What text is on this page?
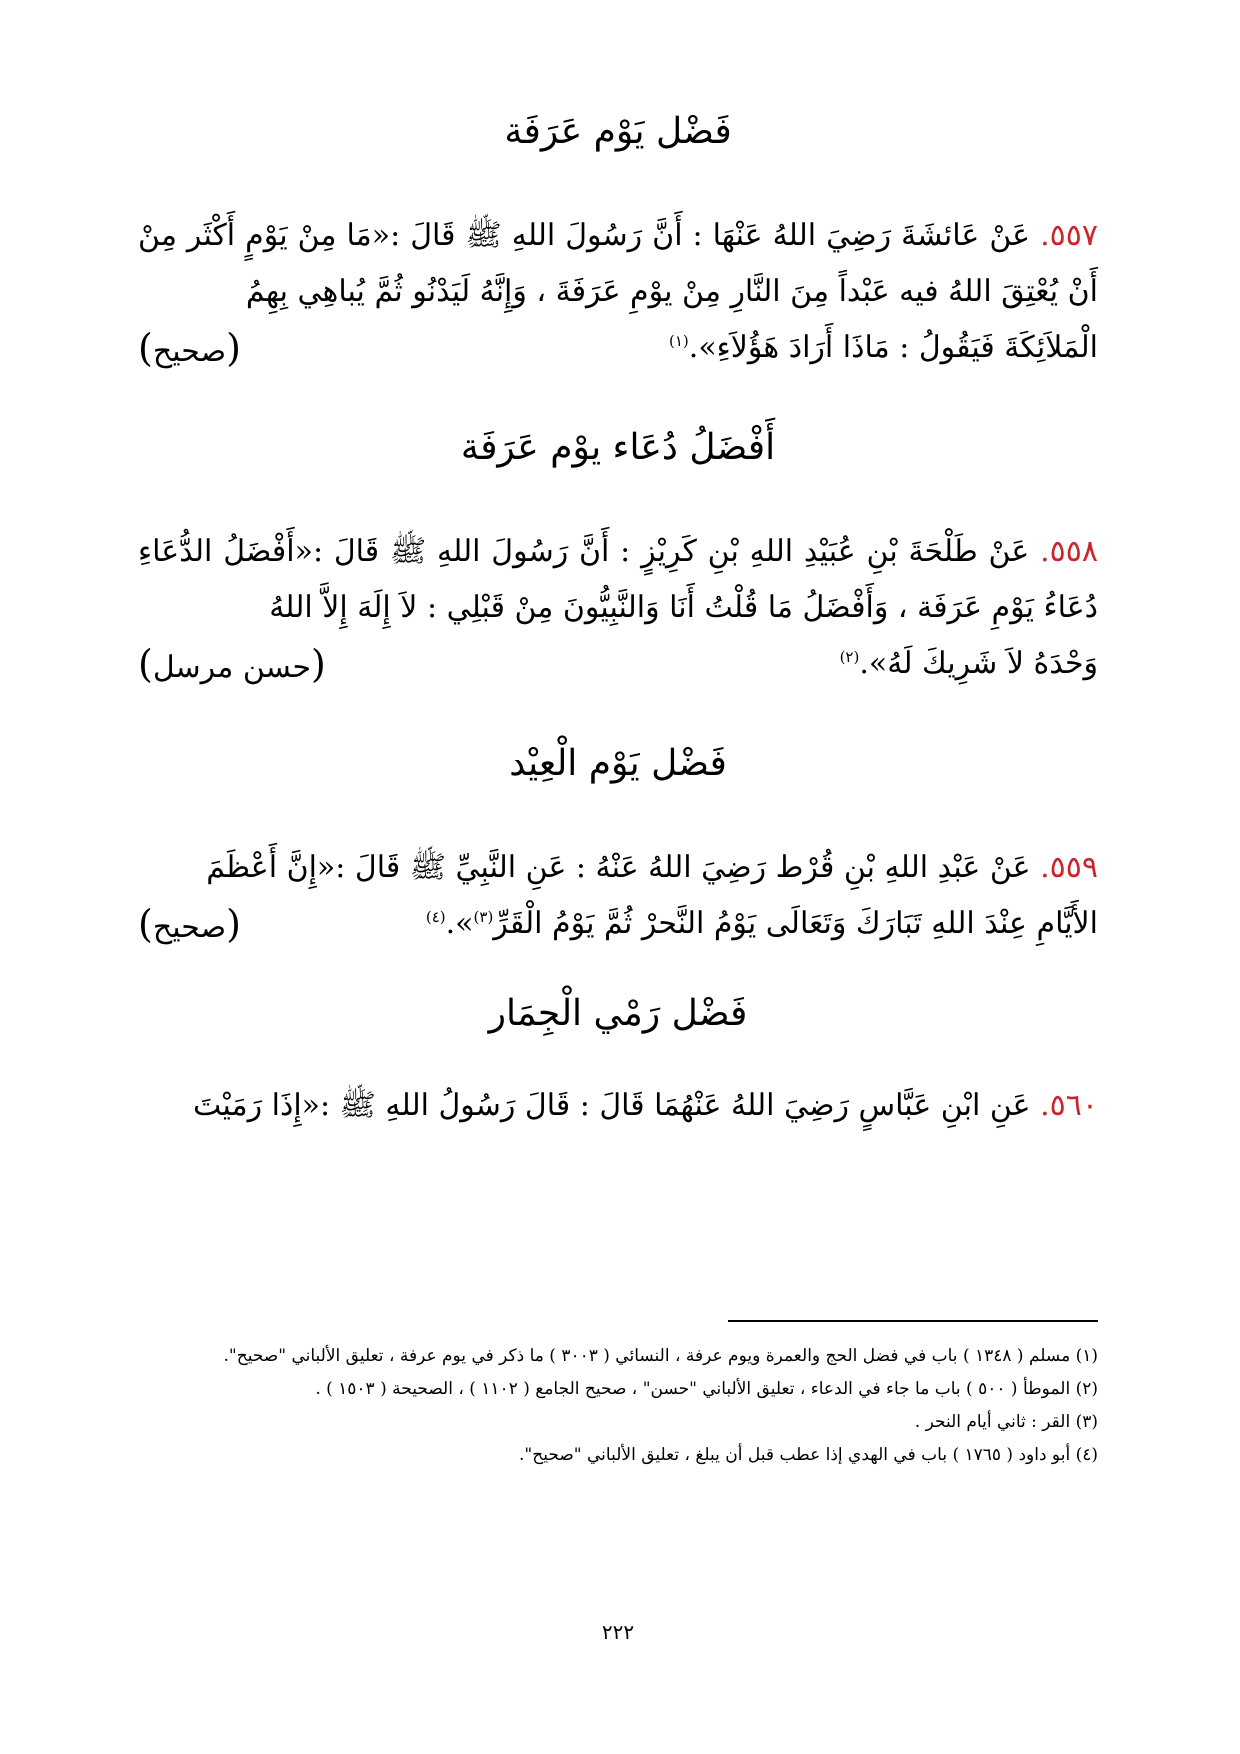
فَضْل يَوْم عَرَفَة

٥٥٧. عَنْ عَائشَةَ رَضِيَ اللهُ عَنْهَا : أَنَّ رَسُولَ اللهِ ﷺ قَالَ :«مَا مِنْ يَوْمٍ أَكْثَر مِنْ أَنْ يُعْتِقَ اللهُ فيه عَبْداً مِنَ النَّارِ مِنْ يوْمِ عَرَفَةَ ، وَإِنَّهُ لَيَدْنُو ثُمَّ يُباهِي بِهِمُ

الْمَلاَئِكَةَ فَيَقُولُ : مَاذَا أَرَادَ هَؤُلاَءِ».$^{(١)}$
(صحيح)
أَفْضَلُ دُعَاء يوْم عَرَفَة

٥٥٨. عَنْ طَلْحَةَ بْنِ عُبَيْدِ اللهِ بْنِ كَرِيْزٍ : أَنَّ رَسُولَ اللهِ ﷺ قَالَ :«أَفْضَلُ الدُّعَاءِ دُعَاءُ يَوْمِ عَرَفَة ، وَأَفْضَلُ مَا قُلْتُ أَنَا وَالنَّبِيُّونَ مِنْ قَبْلِي : لاَ إِلَهَ إِلاَّ اللهُ

وَحْدَهُ لاَ شَرِيكَ لَهُ».$^{(٢)}$
(حسن مرسل)
فَضْل يَوْم الْعِيْد

٥٥٩. عَنْ عَبْدِ اللهِ بْنِ قُرْط رَضِيَ اللهُ عَنْهُ : عَنِ النَّبِيِّ ﷺ قَالَ :«إِنَّ أَعْظَمَ

الأَيَّامِ عِنْدَ اللهِ تَبَارَكَ وَتَعَالَى يَوْمُ النَّحرْ ثُمَّ يَوْمُ الْقَرِّ$^{(٣)}$».$^{(٤)}$
(صحيح)
فَضْل رَمْي الْجِمَار

٥٦٠. عَنِ ابْنِ عَبَّاسٍ رَضِيَ اللهُ عَنْهُمَا قَالَ : قَالَ رَسُولُ اللهِ ﷺ :«إِذَا رَمَيْتَ

(١) مسلم ( ١٣٤٨ ) باب في فضل الحج والعمرة ويوم عرفة ، النسائي ( ٣٠٠٣ ) ما ذكر في يوم عرفة ، تعليق الألباني "صحيح".

(٢) الموطأ ( ٥٠٠ ) باب ما جاء في الدعاء ، تعليق الألباني "حسن" ، صحيح الجامع ( ١١٠٢ ) ، الصحيحة ( ١٥٠٣ ) .

(٣) القر : ثاني أيام النحر .

(٤) أبو داود ( ١٧٦٥ ) باب في الهدي إذا عطب قبل أن يبلغ ، تعليق الألباني "صحيح".

٢٢٢
